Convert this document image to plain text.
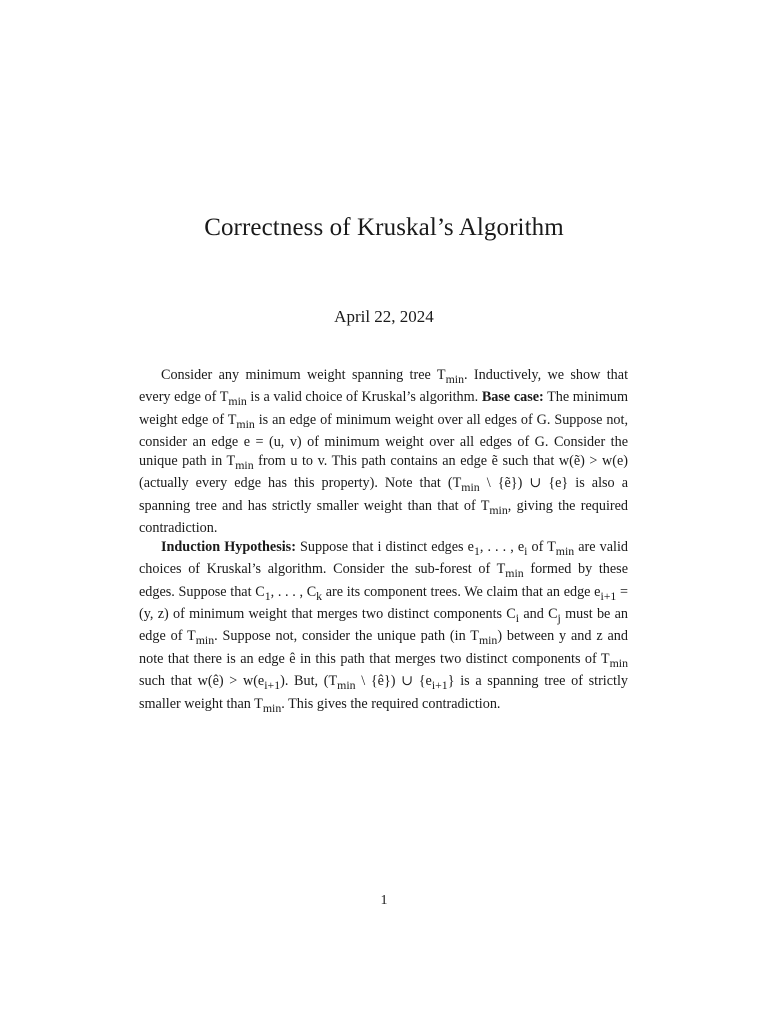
Correctness of Kruskal’s Algorithm
April 22, 2024

Consider any minimum weight spanning tree $T_{min}$. Inductively, we show that every edge of $T_{min}$ is a valid choice of Kruskal’s algorithm. Base case: The minimum weight edge of $T_{min}$ is an edge of minimum weight over all edges of G. Suppose not, consider an edge e = (u, v) of minimum weight over all edges of G. Consider the unique path in $T_{min}$ from u to v. This path contains an edge ẽ such that w(ẽ) > w(e) (actually every edge has this property). Note that ($T_{min}$ \ {ẽ}) ∪ {e} is also a spanning tree and has strictly smaller weight than that of $T_{min}$, giving the required contradiction.

Induction Hypothesis: Suppose that i distinct edges $e_1$, . . . , $e_i$ of $T_{min}$ are valid choices of Kruskal’s algorithm. Consider the sub-forest of $T_{min}$ formed by these edges. Suppose that $C_1$, . . . , $C_k$ are its component trees. We claim that an edge $e_{i+1} = (y$, z) of minimum weight that merges two distinct components $C_i$ and $C_j$ must be an edge of $T_{min}$. Suppose not, consider the unique path (in $T_{min}$) between y and z and note that there is an edge ê in this path that merges two distinct components of $T_{min}$ such that w(ê) > $w(e_{i+1})$. But, ($T_{min}$ \ {ê}) ∪ $\{e_{i+1}\}$ is a spanning tree of strictly smaller weight than $T_{min}$. This gives the required contradiction.

1
